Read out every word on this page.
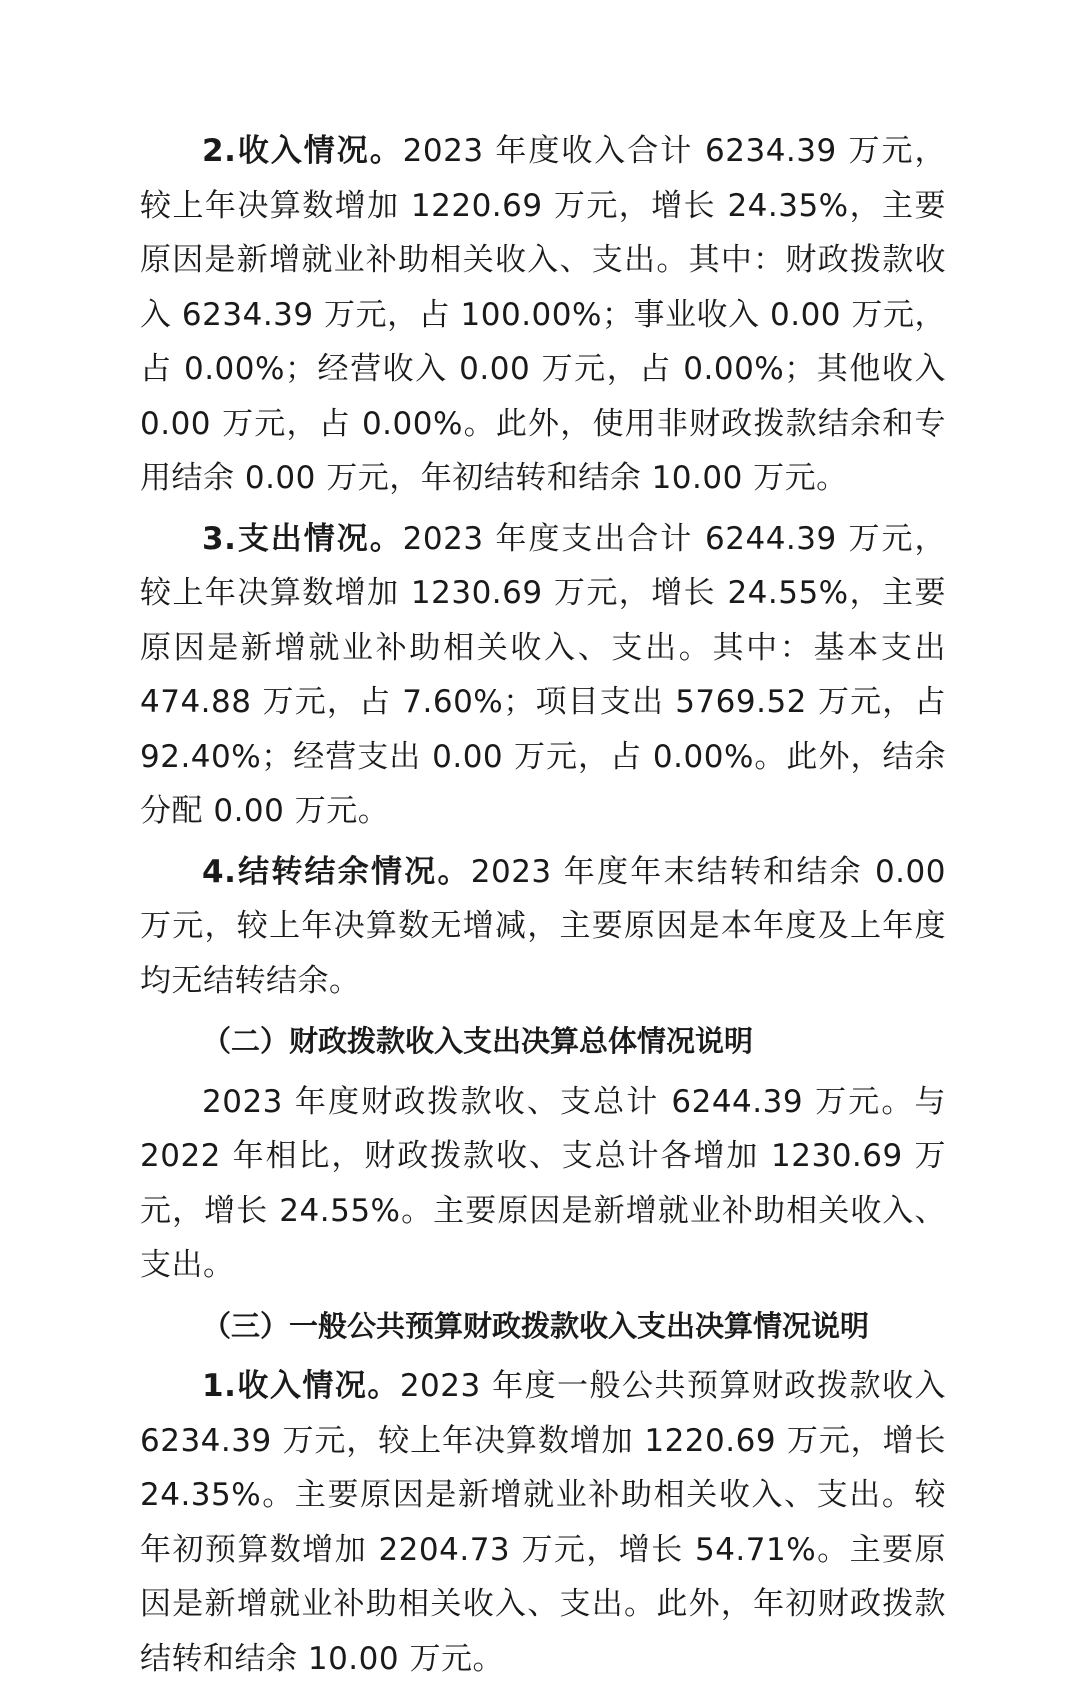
2.收入情况。2023 年度收入合计 6234.39 万元，较上年决算数增加 1220.69 万元，增长 24.35%，主要原因是新增就业补助相关收入、支出。其中：财政拨款收入 6234.39 万元，占 100.00%；事业收入 0.00 万元，占 0.00%；经营收入 0.00 万元，占 0.00%；其他收入 0.00 万元，占 0.00%。此外，使用非财政拨款结余和专用结余 0.00 万元，年初结转和结余 10.00 万元。

3.支出情况。2023 年度支出合计 6244.39 万元，较上年决算数增加 1230.69 万元，增长 24.55%，主要原因是新增就业补助相关收入、支出。其中：基本支出 474.88 万元，占 7.60%；项目支出 5769.52 万元，占 92.40%；经营支出 0.00 万元，占 0.00%。此外，结余分配 0.00 万元。

4.结转结余情况。2023 年度年末结转和结余 0.00 万元，较上年决算数无增减，主要原因是本年度及上年度均无结转结余。

（二）财政拨款收入支出决算总体情况说明

2023 年度财政拨款收、支总计 6244.39 万元。与 2022 年相比，财政拨款收、支总计各增加 1230.69 万元，增长 24.55%。主要原因是新增就业补助相关收入、支出。

（三）一般公共预算财政拨款收入支出决算情况说明

1.收入情况。2023 年度一般公共预算财政拨款收入 6234.39 万元，较上年决算数增加 1220.69 万元，增长 24.35%。主要原因是新增就业补助相关收入、支出。较年初预算数增加 2204.73 万元，增长 54.71%。主要原因是新增就业补助相关收入、支出。此外，年初财政拨款结转和结余 10.00 万元。
